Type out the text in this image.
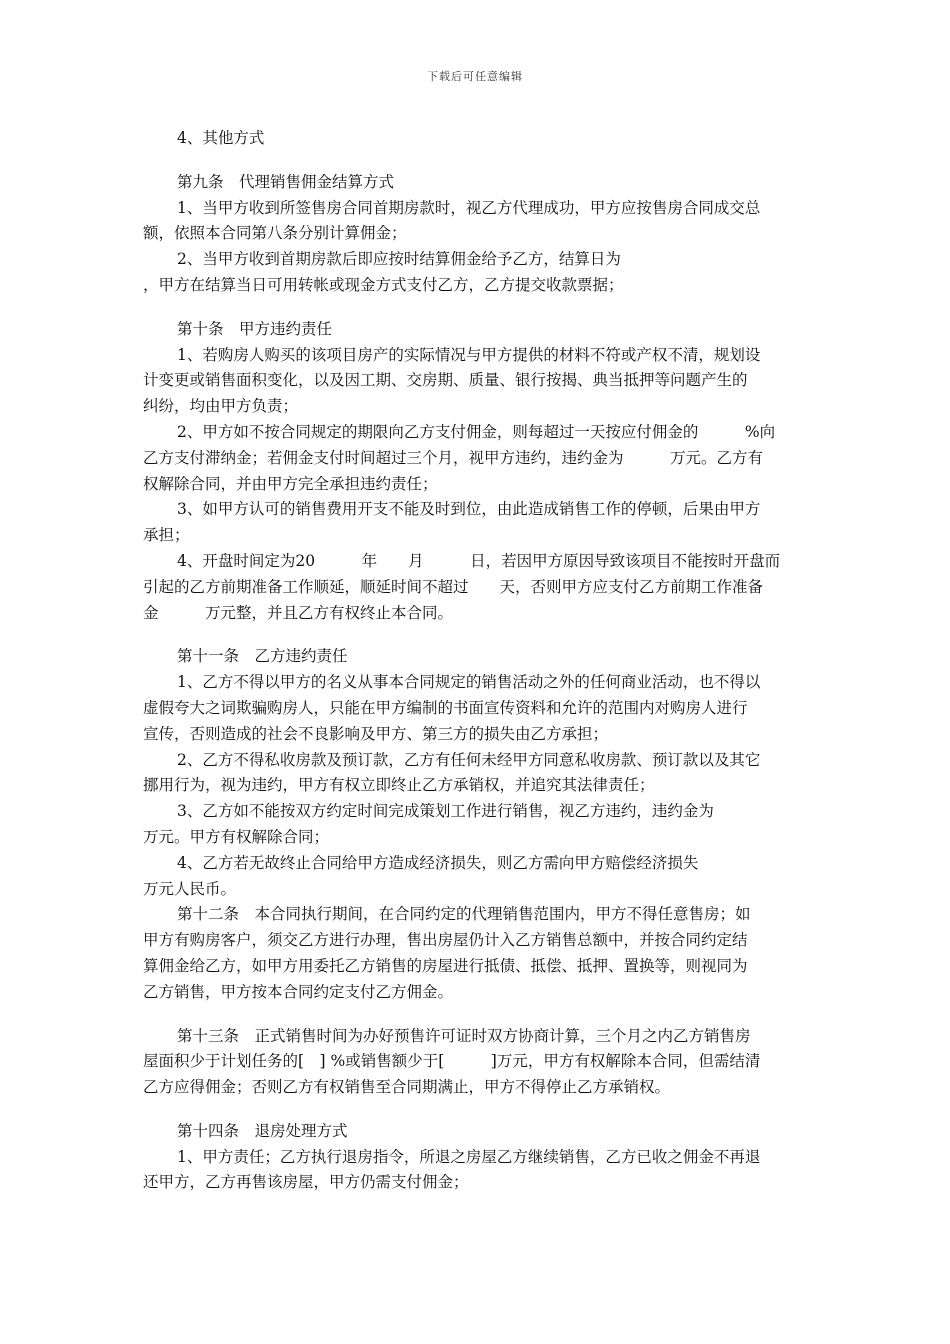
下载后可任意编辑
4、其他方式
第九条　代理销售佣金结算方式
1、当甲方收到所签售房合同首期房款时，视乙方代理成功，甲方应按售房合同成交总
额，依照本合同第八条分别计算佣金；
2、当甲方收到首期房款后即应按时结算佣金给予乙方，结算日为
，甲方在结算当日可用转帐或现金方式支付乙方，乙方提交收款票据；
第十条　甲方违约责任
1、若购房人购买的该项目房产的实际情况与甲方提供的材料不符或产权不清，规划设
计变更或销售面积变化，以及因工期、交房期、质量、银行按揭、典当抵押等问题产生的
纠纷，均由甲方负责；
2、甲方如不按合同规定的期限向乙方支付佣金，则每超过一天按应付佣金的　　　%向
乙方支付滞纳金；若佣金支付时间超过三个月，视甲方违约，违约金为　　　万元。乙方有
权解除合同，并由甲方完全承担违约责任；
3、如甲方认可的销售费用开支不能及时到位，由此造成销售工作的停顿，后果由甲方
承担；
4、开盘时间定为20　　　年　　月　　　日，若因甲方原因导致该项目不能按时开盘而
引起的乙方前期准备工作顺延，顺延时间不超过　　天，否则甲方应支付乙方前期工作准备
金　　　万元整，并且乙方有权终止本合同。
第十一条　乙方违约责任
1、乙方不得以甲方的名义从事本合同规定的销售活动之外的任何商业活动，也不得以
虚假夸大之词欺骗购房人，只能在甲方编制的书面宣传资料和允许的范围内对购房人进行
宣传，否则造成的社会不良影响及甲方、第三方的损失由乙方承担；
2、乙方不得私收房款及预订款，乙方有任何未经甲方同意私收房款、预订款以及其它
挪用行为，视为违约，甲方有权立即终止乙方承销权，并追究其法律责任；
3、乙方如不能按双方约定时间完成策划工作进行销售，视乙方违约，违约金为
万元。甲方有权解除合同；
4、乙方若无故终止合同给甲方造成经济损失，则乙方需向甲方赔偿经济损失
万元人民币。
第十二条　本合同执行期间，在合同约定的代理销售范围内，甲方不得任意售房；如
甲方有购房客户，须交乙方进行办理，售出房屋仍计入乙方销售总额中，并按合同约定结
算佣金给乙方，如甲方用委托乙方销售的房屋进行抵债、抵偿、抵押、置换等，则视同为
乙方销售，甲方按本合同约定支付乙方佣金。
第十三条　正式销售时间为办好预售许可证时双方协商计算，三个月之内乙方销售房
屋面积少于计划任务的[　] %或销售额少于[　　　]万元，甲方有权解除本合同，但需结清
乙方应得佣金；否则乙方有权销售至合同期满止，甲方不得停止乙方承销权。
第十四条　退房处理方式
1、甲方责任；乙方执行退房指令，所退之房屋乙方继续销售，乙方已收之佣金不再退
还甲方，乙方再售该房屋，甲方仍需支付佣金；
